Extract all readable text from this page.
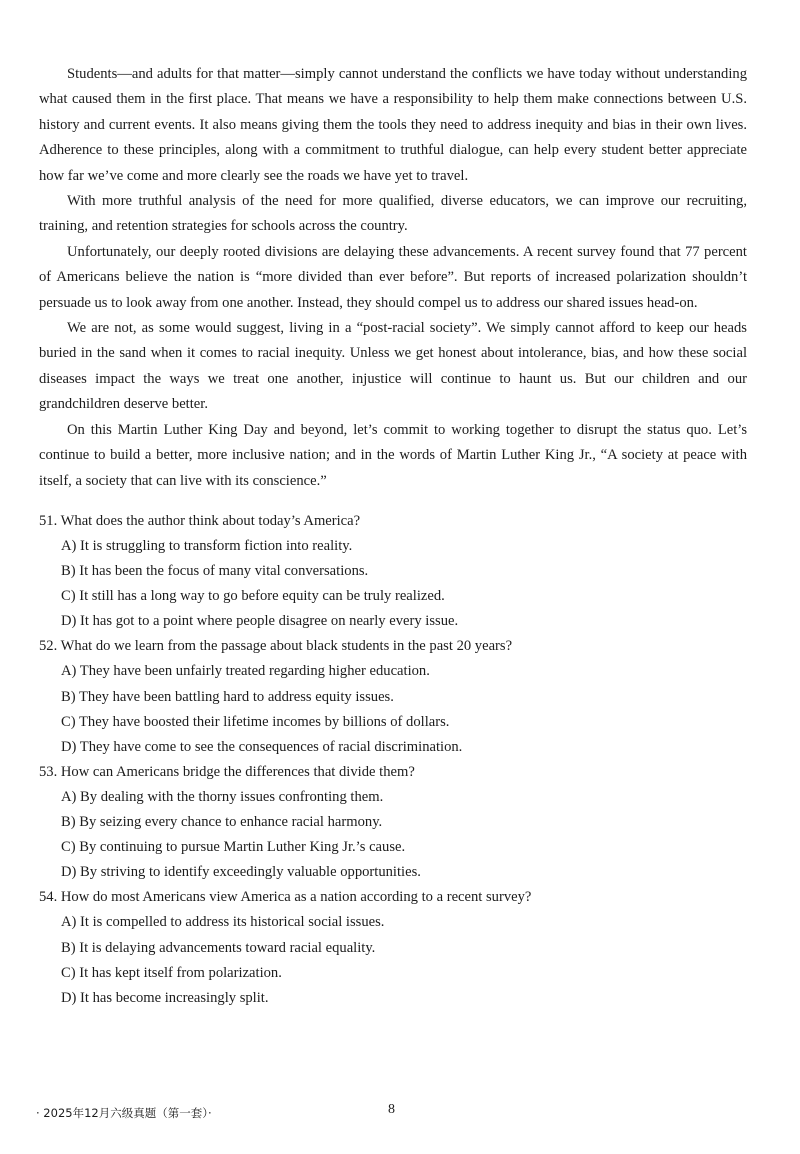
Students—and adults for that matter—simply cannot understand the conflicts we have today without understanding what caused them in the first place. That means we have a responsibility to help them make connections between U.S. history and current events. It also means giving them the tools they need to address inequity and bias in their own lives. Adherence to these principles, along with a commitment to truthful dialogue, can help every student better appreciate how far we’ve come and more clearly see the roads we have yet to travel.

With more truthful analysis of the need for more qualified, diverse educators, we can improve our recruiting, training, and retention strategies for schools across the country.

Unfortunately, our deeply rooted divisions are delaying these advancements. A recent survey found that 77 percent of Americans believe the nation is “more divided than ever before”. But reports of increased polarization shouldn’t persuade us to look away from one another. Instead, they should compel us to address our shared issues head-on.

We are not, as some would suggest, living in a “post-racial society”. We simply cannot afford to keep our heads buried in the sand when it comes to racial inequity. Unless we get honest about intolerance, bias, and how these social diseases impact the ways we treat one another, injustice will continue to haunt us. But our children and our grandchildren deserve better.

On this Martin Luther King Day and beyond, let’s commit to working together to disrupt the status quo. Let’s continue to build a better, more inclusive nation; and in the words of Martin Luther King Jr., “A society at peace with itself, a society that can live with its conscience.”

51. What does the author think about today’s America?

A) It is struggling to transform fiction into reality.

B) It has been the focus of many vital conversations.

C) It still has a long way to go before equity can be truly realized.

D) It has got to a point where people disagree on nearly every issue.

52. What do we learn from the passage about black students in the past 20 years?

A) They have been unfairly treated regarding higher education.

B) They have been battling hard to address equity issues.

C) They have boosted their lifetime incomes by billions of dollars.

D) They have come to see the consequences of racial discrimination.

53. How can Americans bridge the differences that divide them?

A) By dealing with the thorny issues confronting them.

B) By seizing every chance to enhance racial harmony.

C) By continuing to pursue Martin Luther King Jr.’s cause.

D) By striving to identify exceedingly valuable opportunities.

54. How do most Americans view America as a nation according to a recent survey?

A) It is compelled to address its historical social issues.

B) It is delaying advancements toward racial equality.

C) It has kept itself from polarization.

D) It has become increasingly split.

· 2025年12月六级真题（第一套）·	8
